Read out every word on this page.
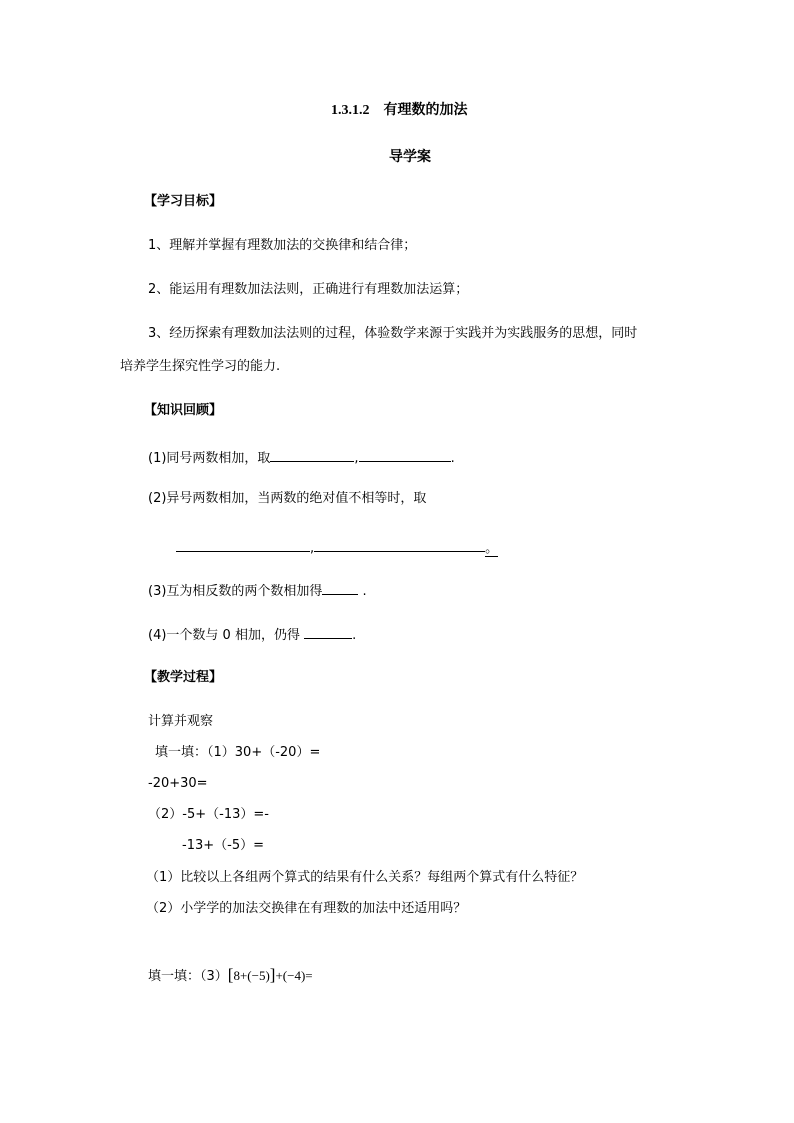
1.3.1.2　有理数的加法
导学案
【学习目标】
1、理解并掌握有理数加法的交换律和结合律；
2、能运用有理数加法法则，正确进行有理数加法运算；
3、经历探索有理数加法法则的过程，体验数学来源于实践并为实践服务的思想，同时
培养学生探究性学习的能力.
【知识回顾】
(1)同号两数相加，取	,	.
(2)异号两数相加，当两数的绝对值不相等时，取
,	。
(3)互为相反数的两个数相加得	.
(4)一个数与 0 相加，仍得	.
【教学过程】
计算并观察
填一填：（1）30+（-20）=
-20+30=
（2）-5+（-13）=-
-13+（-5）=
（1）比较以上各组两个算式的结果有什么关系？每组两个算式有什么特征？
（2）小学学的加法交换律在有理数的加法中还适用吗？
填一填：（3）[8+(−5)]+(−4)=
